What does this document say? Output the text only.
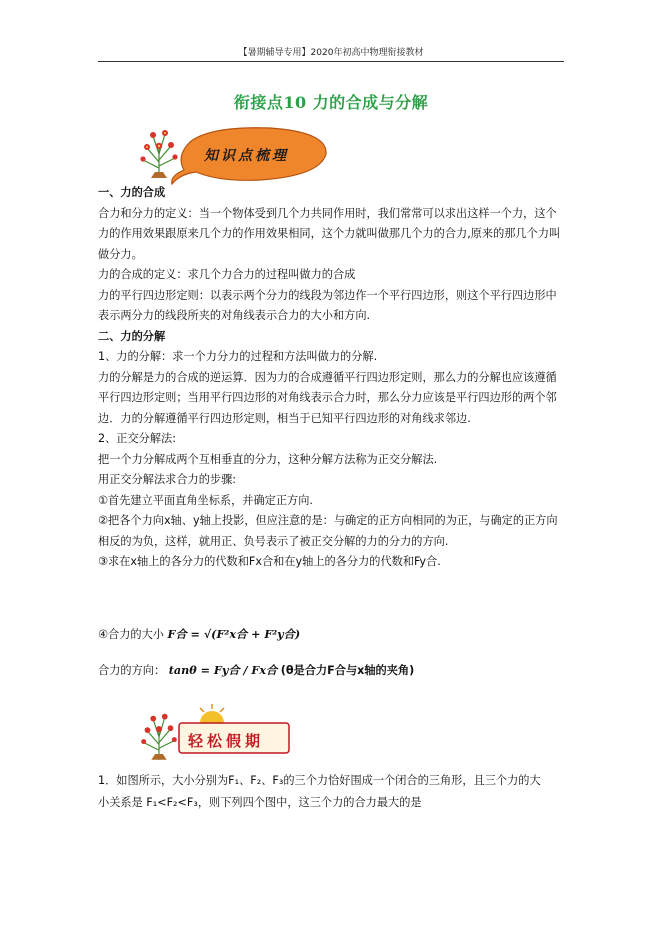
【暑期辅导专用】2020年初高中物理衔接教材
衔接点10 力的合成与分解
知识点梳理

一、力的合成

合力和分力的定义：当一个物体受到几个力共同作用时，我们常常可以求出这样一个力，这个力的作用效果跟原来几个力的作用效果相同，这个力就叫做那几个力的合力,原来的那几个力叫做分力。

力的合成的定义：求几个力合力的过程叫做力的合成

力的平行四边形定则：以表示两个分力的线段为邻边作一个平行四边形，则这个平行四边形中表示两分力的线段所夹的对角线表示合力的大小和方向.

二、力的分解

1、力的分解：求一个力分力的过程和方法叫做力的分解.

力的分解是力的合成的逆运算．因为力的合成遵循平行四边形定则，那么力的分解也应该遵循平行四边形定则；当用平行四边形的对角线表示合力时，那么分力应该是平行四边形的两个邻边．力的分解遵循平行四边形定则，相当于已知平行四边形的对角线求邻边.

2、正交分解法:

把一个力分解成两个互相垂直的分力，这种分解方法称为正交分解法.

用正交分解法求合力的步骤:

①首先建立平面直角坐标系，并确定正方向.

②把各个力向x轴、y轴上投影，但应注意的是：与确定的正方向相同的为正，与确定的正方向相反的为负，这样，就用正、负号表示了被正交分解的力的分力的方向.

③求在x轴上的各分力的代数和Fx合和在y轴上的各分力的代数和Fy合.

④合力的大小 F合 = √(F²x合 + F²y合)
合力的方向： tanθ = Fy合 / Fx合 (θ是合力F合与x轴的夹角)
轻松假期

1．如图所示，大小分别为F₁、F₂、F₃的三个力恰好围成一个闭合的三角形，且三个力的大

小关系是 F₁<F₂<F₃，则下列四个图中，这三个力的合力最大的是
